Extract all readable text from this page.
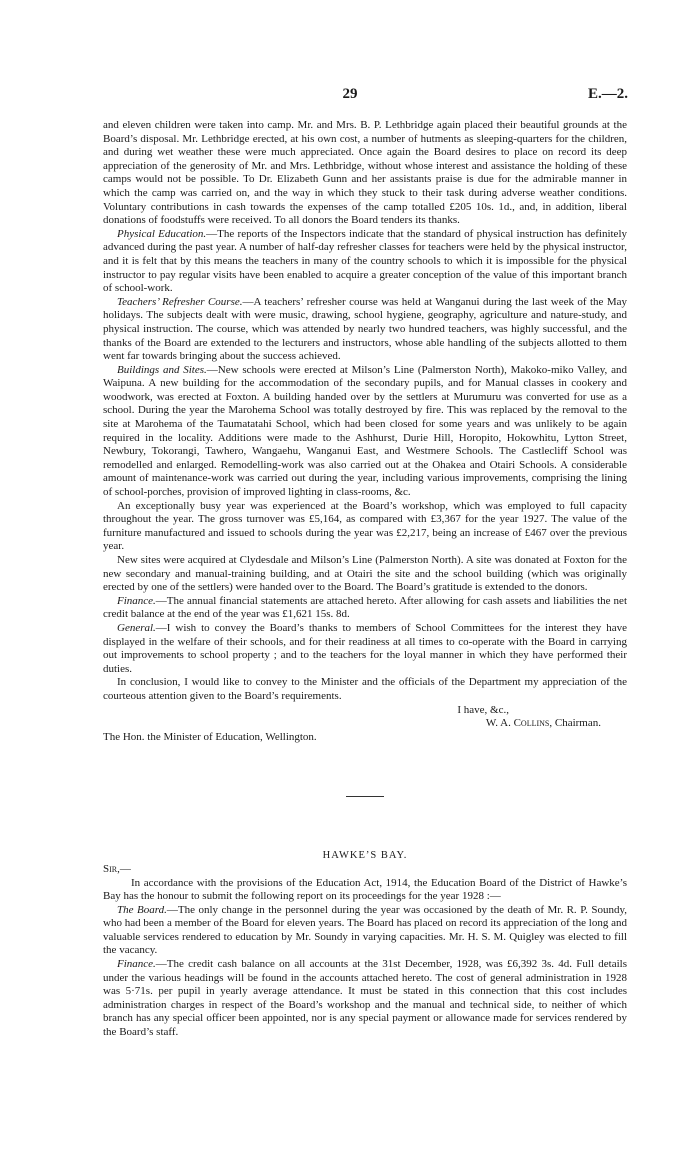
29	E.—2.

and eleven children were taken into camp. Mr. and Mrs. B. P. Lethbridge again placed their beautiful grounds at the Board’s disposal. Mr. Lethbridge erected, at his own cost, a number of hutments as sleeping-quarters for the children, and during wet weather these were much appreciated. Once again the Board desires to place on record its deep appreciation of the generosity of Mr. and Mrs. Lethbridge, without whose interest and assistance the holding of these camps would not be possible. To Dr. Elizabeth Gunn and her assistants praise is due for the admirable manner in which the camp was carried on, and the way in which they stuck to their task during adverse weather conditions. Voluntary contributions in cash towards the expenses of the camp totalled £205 10s. 1d., and, in addition, liberal donations of foodstuffs were received. To all donors the Board tenders its thanks.

Physical Education.—The reports of the Inspectors indicate that the standard of physical instruction has definitely advanced during the past year. A number of half-day refresher classes for teachers were held by the physical instructor, and it is felt that by this means the teachers in many of the country schools to which it is impossible for the physical instructor to pay regular visits have been enabled to acquire a greater conception of the value of this important branch of school-work.

Teachers’ Refresher Course.—A teachers’ refresher course was held at Wanganui during the last week of the May holidays. The subjects dealt with were music, drawing, school hygiene, geography, agriculture and nature-study, and physical instruction. The course, which was attended by nearly two hundred teachers, was highly successful, and the thanks of the Board are extended to the lecturers and instructors, whose able handling of the subjects allotted to them went far towards bringing about the success achieved.

Buildings and Sites.—New schools were erected at Milson’s Line (Palmerston North), Makoko-miko Valley, and Waipuna. A new building for the accommodation of the secondary pupils, and for Manual classes in cookery and woodwork, was erected at Foxton. A building handed over by the settlers at Murumuru was converted for use as a school. During the year the Marohema School was totally destroyed by fire. This was replaced by the removal to the site at Marohema of the Taumatatahi School, which had been closed for some years and was unlikely to be again required in the locality. Additions were made to the Ashhurst, Durie Hill, Horopito, Hokowhitu, Lytton Street, Newbury, Tokorangi, Tawhero, Wangaehu, Wanganui East, and Westmere Schools. The Castlecliff School was remodelled and enlarged. Remodelling-work was also carried out at the Ohakea and Otairi Schools. A considerable amount of maintenance-work was carried out during the year, including various improvements, comprising the lining of school-porches, provision of improved lighting in class-rooms, &c.

An exceptionally busy year was experienced at the Board’s workshop, which was employed to full capacity throughout the year. The gross turnover was £5,164, as compared with £3,367 for the year 1927. The value of the furniture manufactured and issued to schools during the year was £2,217, being an increase of £467 over the previous year.

New sites were acquired at Clydesdale and Milson’s Line (Palmerston North). A site was donated at Foxton for the new secondary and manual-training building, and at Otairi the site and the school building (which was originally erected by one of the settlers) were handed over to the Board. The Board’s gratitude is extended to the donors.

Finance.—The annual financial statements are attached hereto. After allowing for cash assets and liabilities the net credit balance at the end of the year was £1,621 15s. 8d.

General.—I wish to convey the Board’s thanks to members of School Committees for the interest they have displayed in the welfare of their schools, and for their readiness at all times to co-operate with the Board in carrying out improvements to school property ; and to the teachers for the loyal manner in which they have performed their duties.

In conclusion, I would like to convey to the Minister and the officials of the Department my appreciation of the courteous attention given to the Board’s requirements.

I have, &c.,
W. A. Collins, Chairman.

The Hon. the Minister of Education, Wellington.

HAWKE’S BAY.

Sir,—

In accordance with the provisions of the Education Act, 1914, the Education Board of the District of Hawke’s Bay has the honour to submit the following report on its proceedings for the year 1928 :—

The Board.—The only change in the personnel during the year was occasioned by the death of Mr. R. P. Soundy, who had been a member of the Board for eleven years. The Board has placed on record its appreciation of the long and valuable services rendered to education by Mr. Soundy in varying capacities. Mr. H. S. M. Quigley was elected to fill the vacancy.

Finance.—The credit cash balance on all accounts at the 31st December, 1928, was £6,392 3s. 4d. Full details under the various headings will be found in the accounts attached hereto. The cost of general administration in 1928 was 5·71s. per pupil in yearly average attendance. It must be stated in this connection that this cost includes administration charges in respect of the Board’s workshop and the manual and technical side, to neither of which branch has any special officer been appointed, nor is any special payment or allowance made for services rendered by the Board’s staff.
